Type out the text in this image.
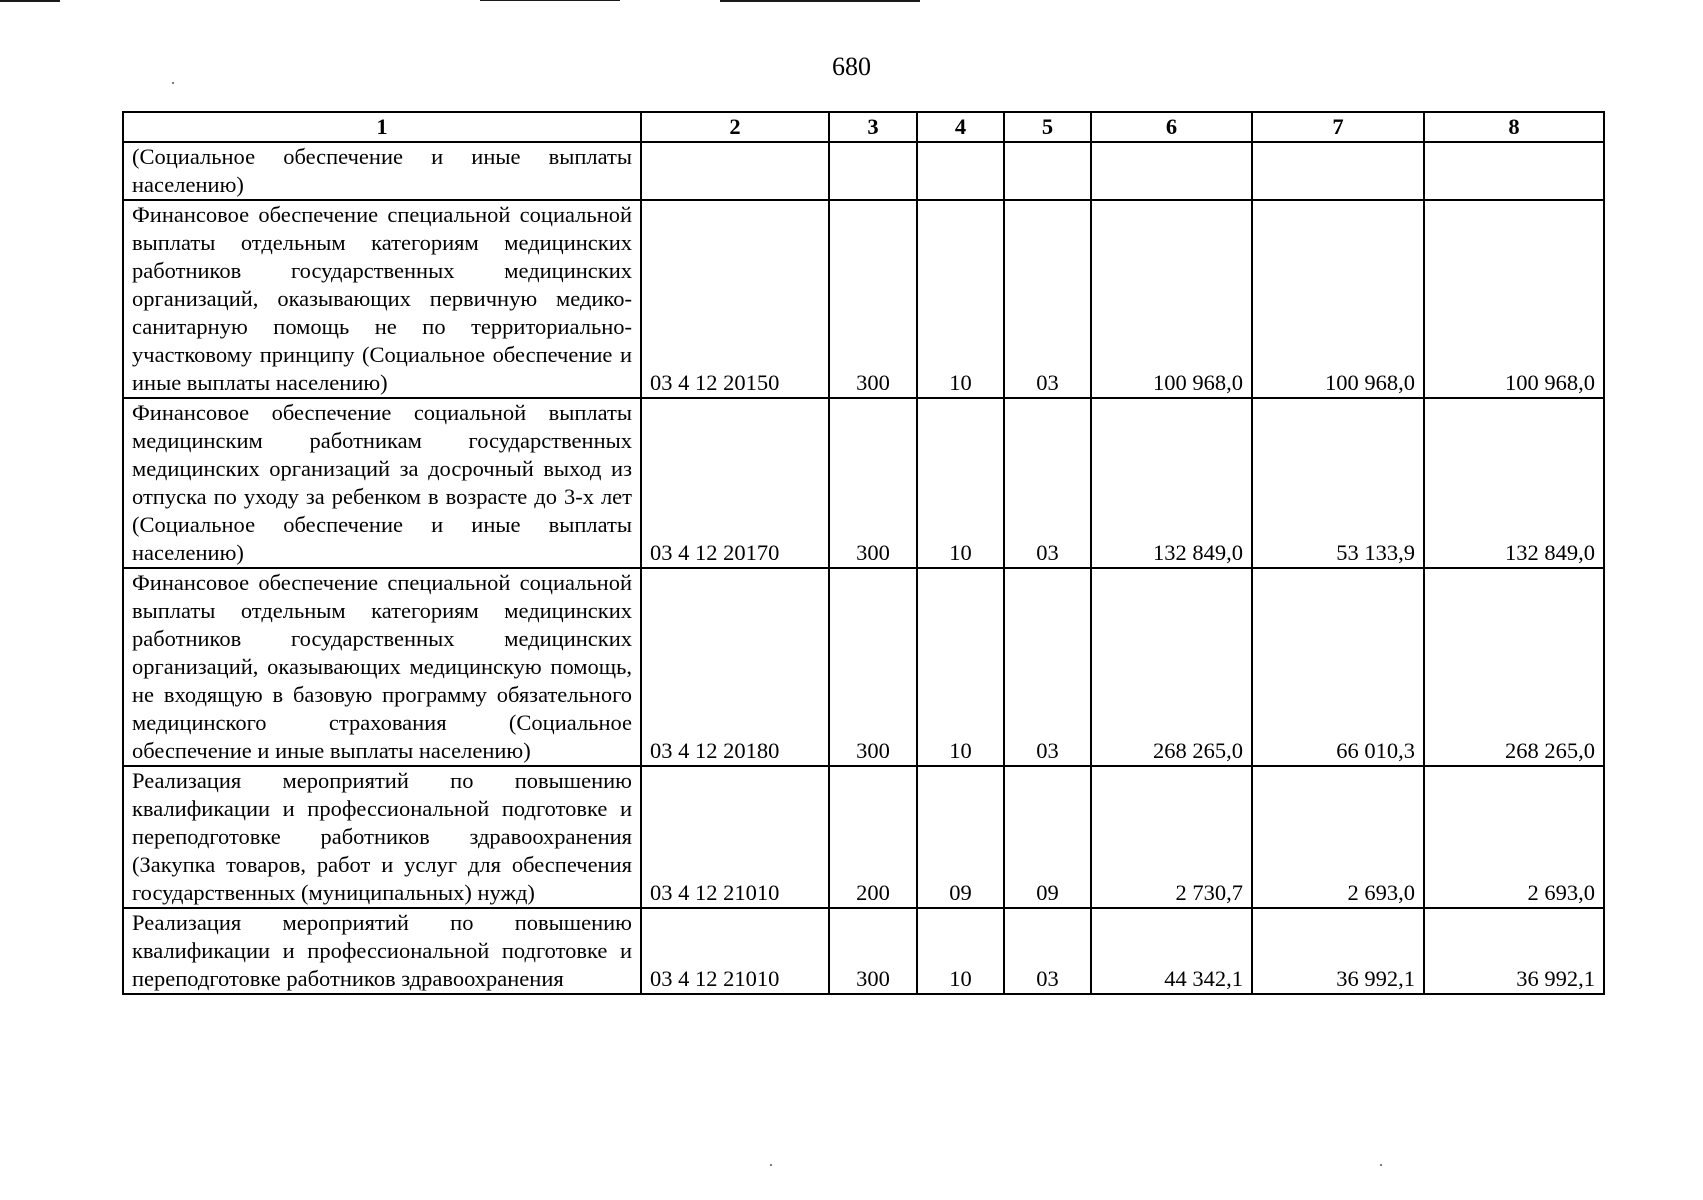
680
1	2	3	4	5	6	7	8
(Социальное обеспечение и иные выплаты населению)							
Финансовое обеспечение специальной социальной выплаты отдельным категориям медицинских работников государственных медицинских организаций, оказывающих первичную медико-санитарную помощь не по территориально-участковому принципу (Социальное обеспечение и иные выплаты населению)	03 4 12 20150	300	10	03	100 968,0	100 968,0	100 968,0
Финансовое обеспечение социальной выплаты медицинским работникам государственных медицинских организаций за досрочный выход из отпуска по уходу за ребенком в возрасте до 3-х лет (Социальное обеспечение и иные выплаты населению)	03 4 12 20170	300	10	03	132 849,0	53 133,9	132 849,0
Финансовое обеспечение специальной социальной выплаты отдельным категориям медицинских работников государственных медицинских организаций, оказывающих медицинскую помощь, не входящую в базовую программу обязательного медицинского страхования (Социальное обеспечение и иные выплаты населению)	03 4 12 20180	300	10	03	268 265,0	66 010,3	268 265,0
Реализация мероприятий по повышению квалификации и профессиональной подготовке и переподготовке работников здравоохранения (Закупка товаров, работ и услуг для обеспечения государственных (муниципальных) нужд)	03 4 12 21010	200	09	09	2 730,7	2 693,0	2 693,0
Реализация мероприятий по повышению квалификации и профессиональной подготовке и переподготовке работников здравоохранения	03 4 12 21010	300	10	03	44 342,1	36 992,1	36 992,1
